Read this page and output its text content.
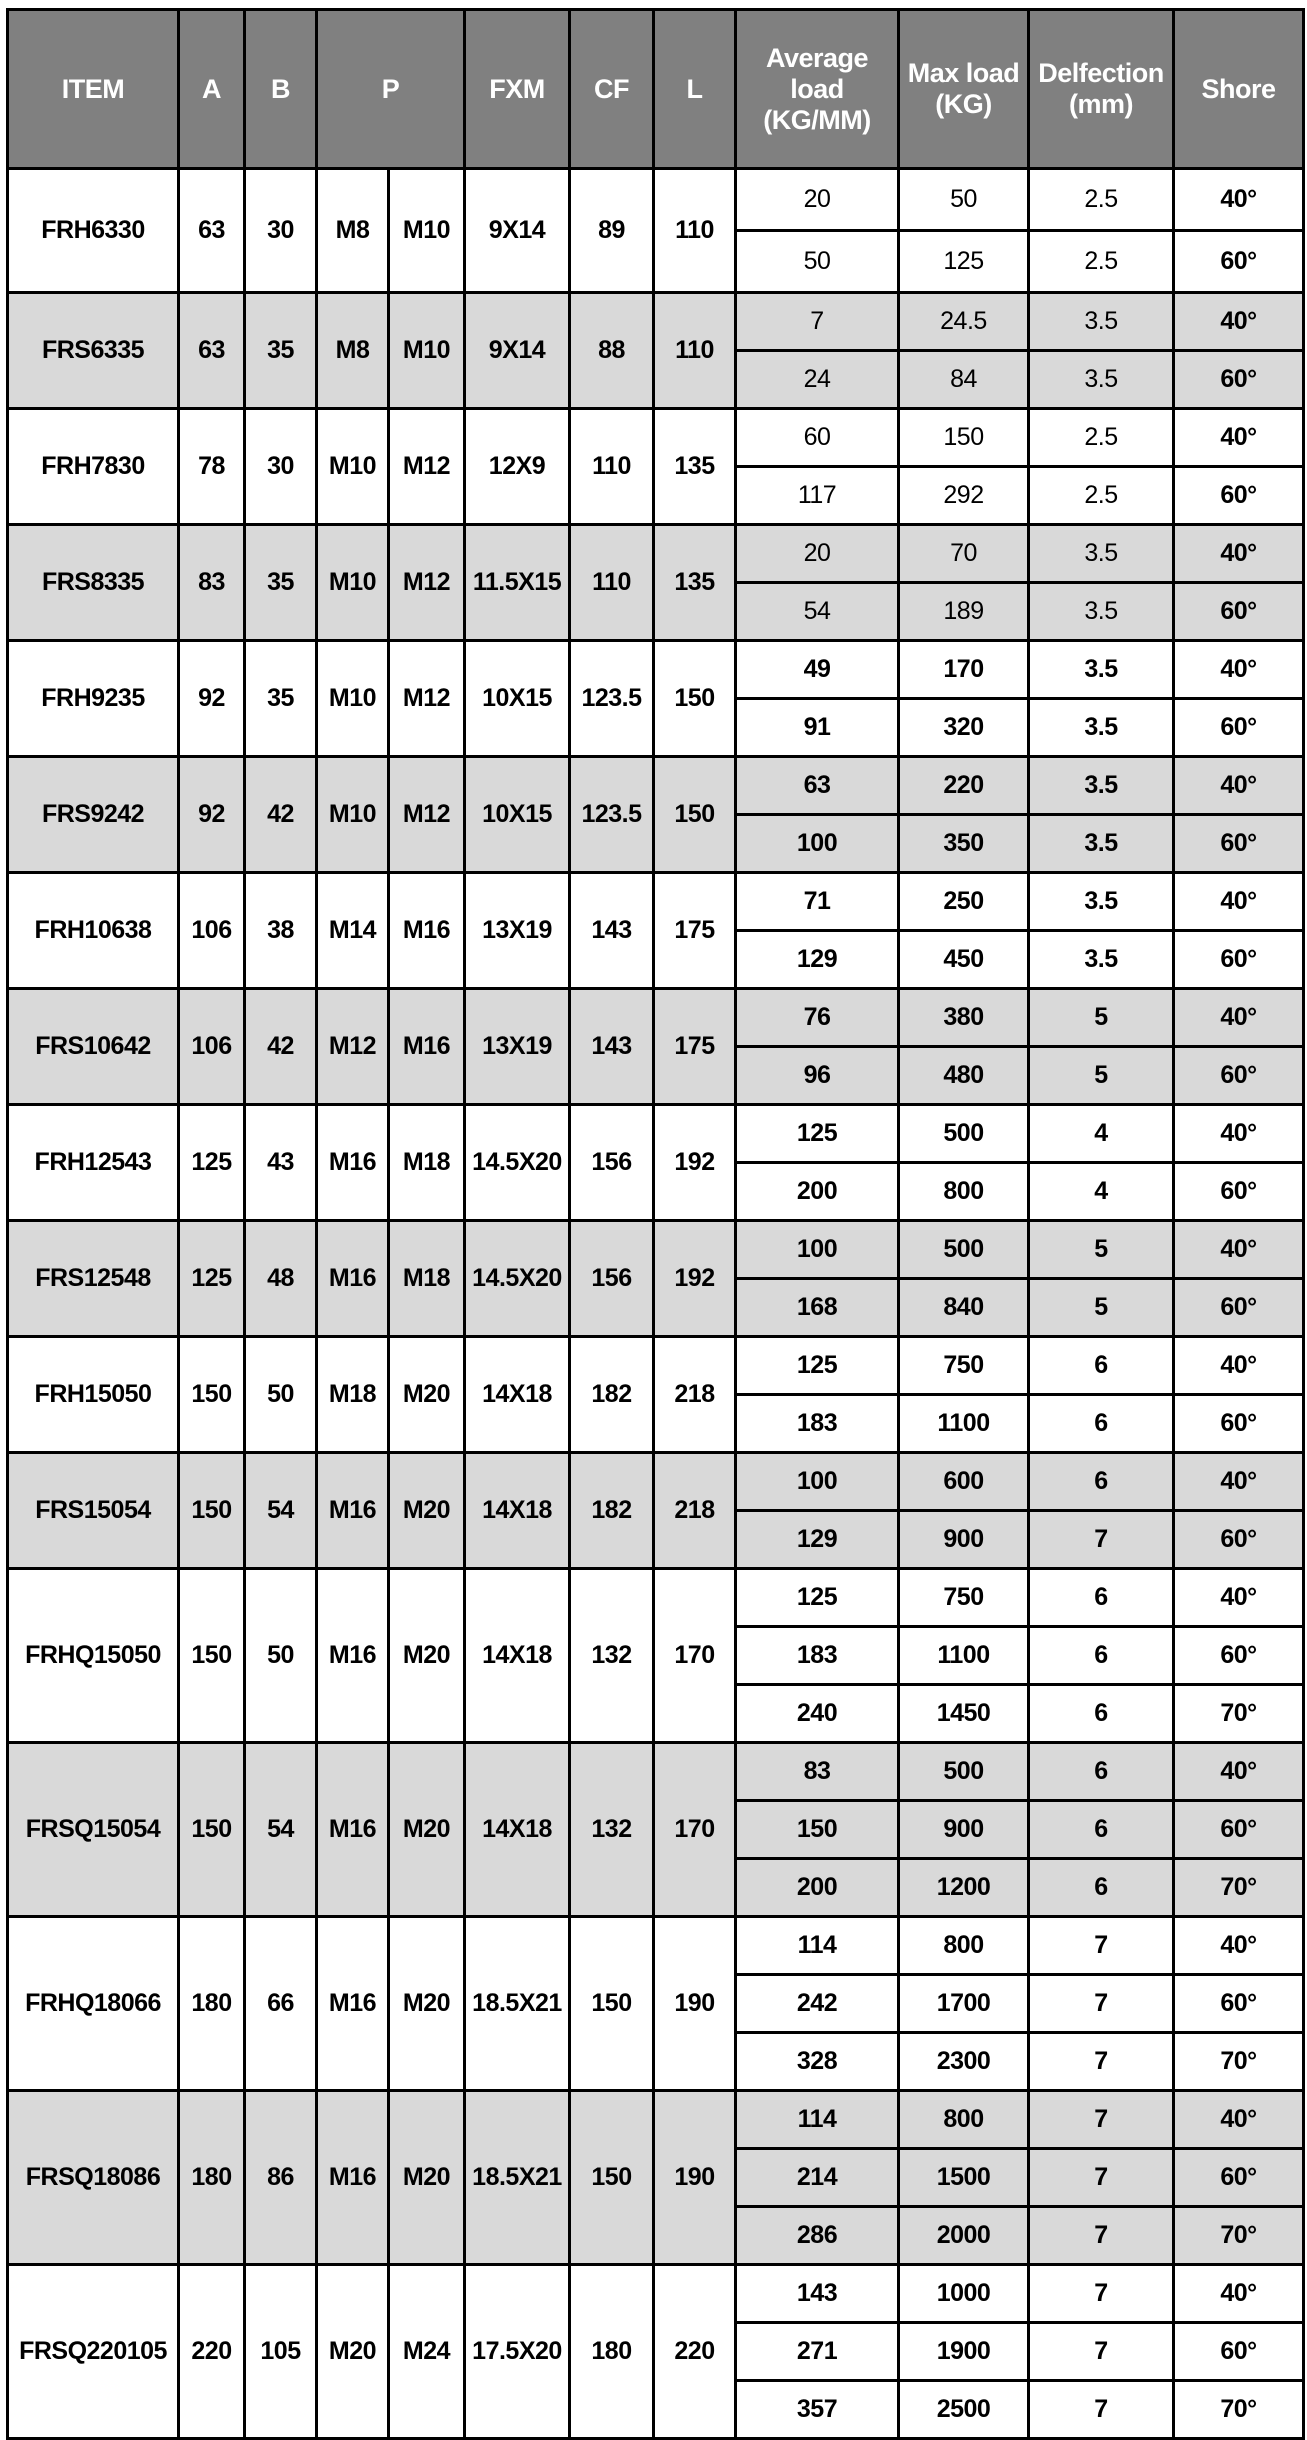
ITEM	A	B	P		FXM	CF	L	Average load (KG/MM)	Max load (KG)	Delfection (mm)	Shore
FRH6330	63	30	M8	M10	9X14	89	110	20	50	2.5	40°
								50	125	2.5	60°
FRS6335	63	35	M8	M10	9X14	88	110	7	24.5	3.5	40°
								24	84	3.5	60°
FRH7830	78	30	M10	M12	12X9	110	135	60	150	2.5	40°
								117	292	2.5	60°
FRS8335	83	35	M10	M12	11.5X15	110	135	20	70	3.5	40°
								54	189	3.5	60°
FRH9235	92	35	M10	M12	10X15	123.5	150	49	170	3.5	40°
								91	320	3.5	60°
FRS9242	92	42	M10	M12	10X15	123.5	150	63	220	3.5	40°
								100	350	3.5	60°
FRH10638	106	38	M14	M16	13X19	143	175	71	250	3.5	40°
								129	450	3.5	60°
FRS10642	106	42	M12	M16	13X19	143	175	76	380	5	40°
								96	480	5	60°
FRH12543	125	43	M16	M18	14.5X20	156	192	125	500	4	40°
								200	800	4	60°
FRS12548	125	48	M16	M18	14.5X20	156	192	100	500	5	40°
								168	840	5	60°
FRH15050	150	50	M18	M20	14X18	182	218	125	750	6	40°
								183	1100	6	60°
FRS15054	150	54	M16	M20	14X18	182	218	100	600	6	40°
								129	900	7	60°
FRHQ15050	150	50	M16	M20	14X18	132	170	125	750	6	40°
								183	1100	6	60°
								240	1450	6	70°
FRSQ15054	150	54	M16	M20	14X18	132	170	83	500	6	40°
								150	900	6	60°
								200	1200	6	70°
FRHQ18066	180	66	M16	M20	18.5X21	150	190	114	800	7	40°
								242	1700	7	60°
								328	2300	7	70°
FRSQ18086	180	86	M16	M20	18.5X21	150	190	114	800	7	40°
								214	1500	7	60°
								286	2000	7	70°
FRSQ220105	220	105	M20	M24	17.5X20	180	220	143	1000	7	40°
								271	1900	7	60°
								357	2500	7	70°
